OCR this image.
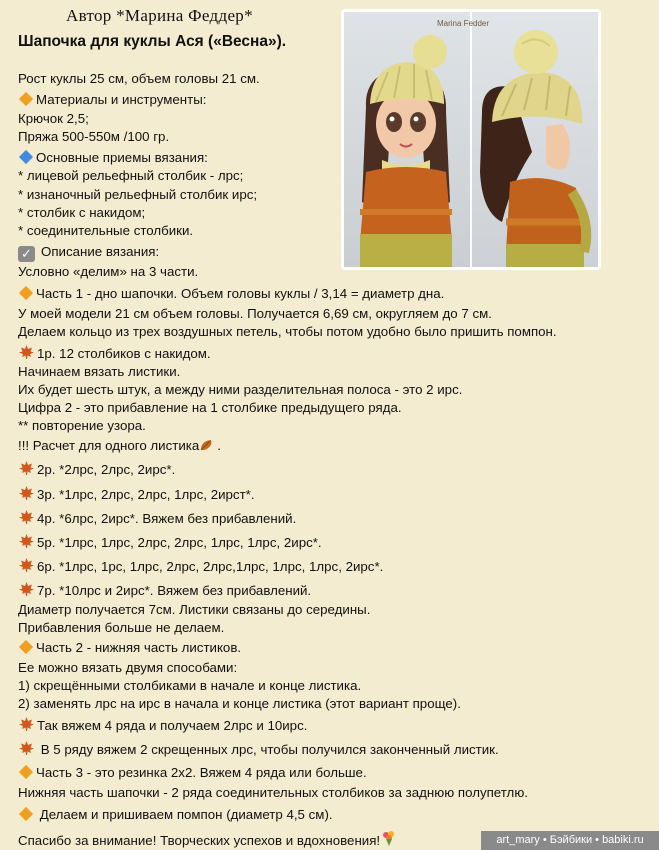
Автор *Марина Феддер*
Шапочка для куклы Ася («Весна»).
Marina Fedder
Рост куклы 25 см, объем головы 21 см.
Материалы и инструменты:
Крючок 2,5;
Пряжа 500-550м /100 гр.
Основные приемы вязания:
* лицевой рельефный столбик - лрс;
* изнаночный рельефный столбик ирс;
* столбик с накидом;
* соединительные столбики.
✓ Описание вязания:
Условно «делим» на 3 части.
Часть 1 - дно шапочки. Объем головы куклы / 3,14 = диаметр дна.
У моей модели 21 см объем головы. Получается 6,69 см, округляем до 7 см.
Делаем кольцо из трех воздушных петель, чтобы потом удобно было пришить помпон.
1р. 12 столбиков с накидом.
Начинаем вязать листики.
Их будет шесть штук, а между ними разделительная полоса - это 2 ирс.
Цифра 2 - это прибавление на 1 столбике предыдущего ряда.
** повторение узора.
!!! Расчет для одного листика .
2р. *2лрс, 2лрс, 2ирс*.
3р. *1лрс, 2лрс, 2лрс, 1лрс, 2ирст*.
4р. *6лрс, 2ирс*. Вяжем без прибавлений.
5р. *1лрс, 1лрс, 2лрс, 2лрс, 1лрс, 1лрс, 2ирс*.
6р. *1лрс, 1рс, 1лрс, 2лрс, 2лрс,1лрс, 1лрс, 1лрс, 2ирс*.
7р. *10лрс и 2ирс*. Вяжем без прибавлений.
Диаметр получается 7см. Листики связаны до середины.
Прибавления больше не делаем.
Часть 2 - нижняя часть листиков.
Ее можно вязать двумя способами:
1) скрещёнными столбиками в начале и конце листика.
2) заменять лрс на ирс в начала и конце листика (этот вариант проще).
Так вяжем 4 ряда и получаем 2лрс и 10ирс.
В 5 ряду вяжем 2 скрещенных лрс, чтобы получился законченный листик.
Часть 3 - это резинка 2х2. Вяжем 4 ряда или больше.
Нижняя часть шапочки - 2 ряда соединительных столбиков за заднюю полупетлю.
Делаем и пришиваем помпон (диаметр 4,5 см).
Спасибо за внимание! Творческих успехов и вдохновения!	art_mary • Бэйбики • babiki.ru
